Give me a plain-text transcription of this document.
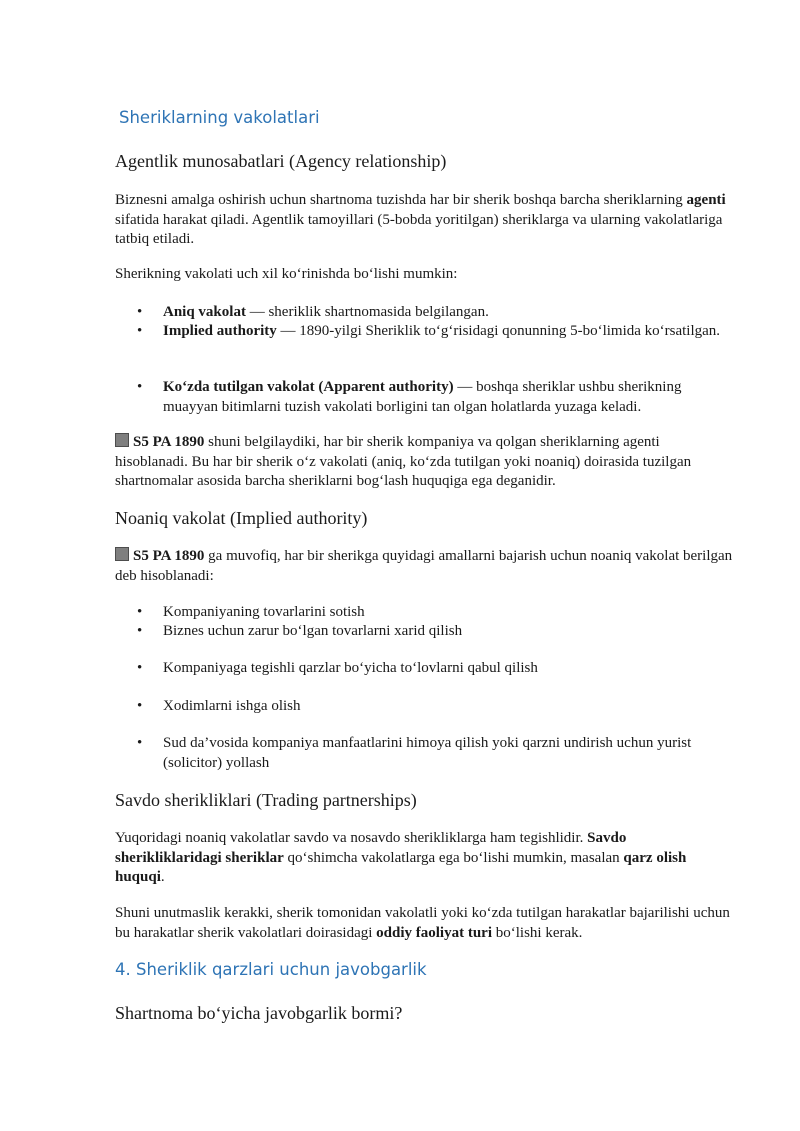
Sheriklarning vakolatlari
Agentlik munosabatlari (Agency relationship)

Biznesni amalga oshirish uchun shartnoma tuzishda har bir sherik boshqa barcha sheriklarning agenti sifatida harakat qiladi. Agentlik tamoyillari (5-bobda yoritilgan) sheriklarga va ularning vakolatlariga tatbiq etiladi.

Sherikning vakolati uch xil ko‘rinishda bo‘lishi mumkin:

• Aniq vakolat — sheriklik shartnomasida belgilangan.
• Implied authority — 1890-yilgi Sheriklik to‘g‘risidagi qonunning 5-bo‘limida ko‘rsatilgan.
• Ko‘zda tutilgan vakolat (Apparent authority) — boshqa sheriklar ushbu sherikning muayyan bitimlarni tuzish vakolati borligini tan olgan holatlarda yuzaga keladi.

S5 PA 1890 shuni belgilaydiki, har bir sherik kompaniya va qolgan sheriklarning agenti hisoblanadi. Bu har bir sherik o‘z vakolati (aniq, ko‘zda tutilgan yoki noaniq) doirasida tuzilgan shartnomalar asosida barcha sheriklarni bog‘lash huquqiga ega deganidir.

Noaniq vakolat (Implied authority)

S5 PA 1890 ga muvofiq, har bir sherikga quyidagi amallarni bajarish uchun noaniq vakolat berilgan deb hisoblanadi:

• Kompaniyaning tovarlarini sotish
• Biznes uchun zarur bo‘lgan tovarlarni xarid qilish
• Kompaniyaga tegishli qarzlar bo‘yicha to‘lovlarni qabul qilish
• Xodimlarni ishga olish
• Sud da’vosida kompaniya manfaatlarini himoya qilish yoki qarzni undirish uchun yurist (solicitor) yollash
Savdo sherikliklari (Trading partnerships)

Yuqoridagi noaniq vakolatlar savdo va nosavdo sherikliklarga ham tegishlidir. Savdo sherikliklaridagi sheriklar qo‘shimcha vakolatlarga ega bo‘lishi mumkin, masalan qarz olish huquqi.

Shuni unutmaslik kerakki, sherik tomonidan vakolatli yoki ko‘zda tutilgan harakatlar bajarilishi uchun bu harakatlar sherik vakolatlari doirasidagi oddiy faoliyat turi bo‘lishi kerak.

4. Sheriklik qarzlari uchun javobgarlik
Shartnoma bo‘yicha javobgarlik bormi?
